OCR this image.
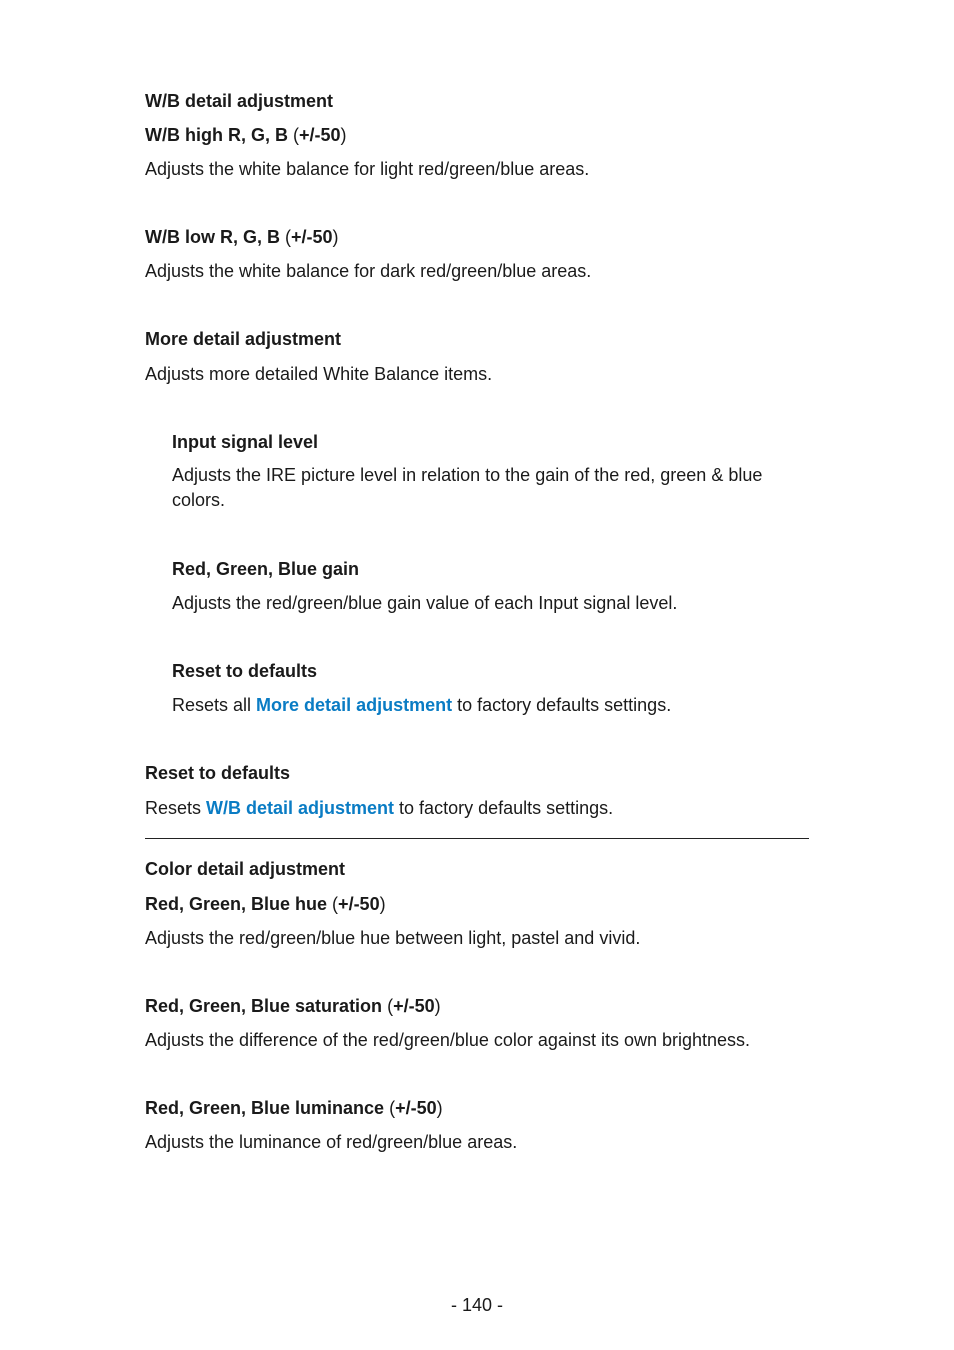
W/B detail adjustment
W/B high R, G, B (+/-50)
Adjusts the white balance for light red/green/blue areas.
W/B low R, G, B (+/-50)
Adjusts the white balance for dark red/green/blue areas.
More detail adjustment
Adjusts more detailed White Balance items.
Input signal level
Adjusts the IRE picture level in relation to the gain of the red, green & blue colors.
Red, Green, Blue gain
Adjusts the red/green/blue gain value of each Input signal level.
Reset to defaults
Resets all More detail adjustment to factory defaults settings.
Reset to defaults
Resets W/B detail adjustment to factory defaults settings.
Color detail adjustment
Red, Green, Blue hue (+/-50)
Adjusts the red/green/blue hue between light, pastel and vivid.
Red, Green, Blue saturation (+/-50)
Adjusts the difference of the red/green/blue color against its own brightness.
Red, Green, Blue luminance (+/-50)
Adjusts the luminance of red/green/blue areas.
- 140 -
